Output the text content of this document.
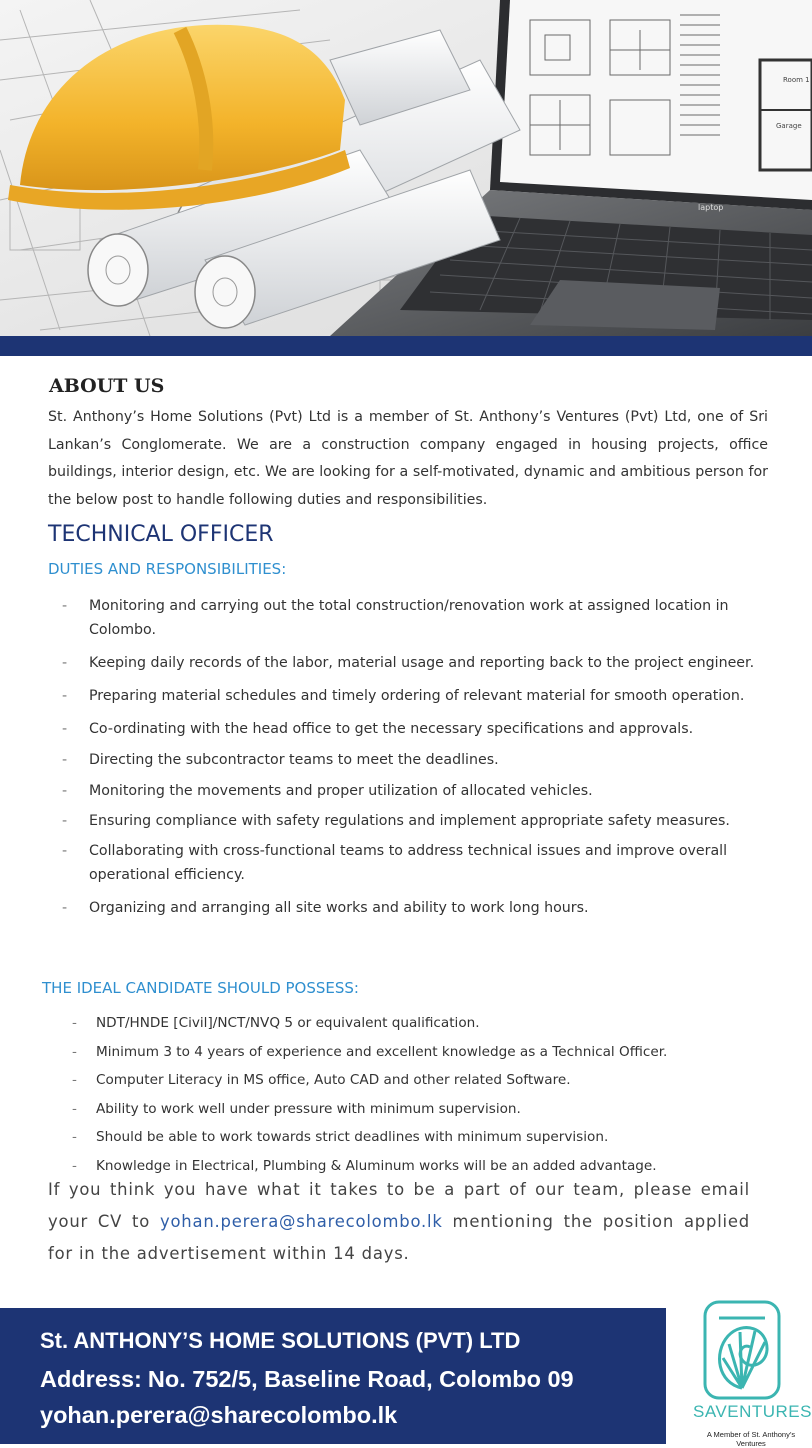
Room 1
Garage
laptop
ABOUT US

St. Anthony’s Home Solutions (Pvt) Ltd is a member of St. Anthony’s Ventures (Pvt) Ltd, one of Sri Lankan’s Conglomerate. We are a construction company engaged in housing projects, office buildings, interior design, etc. We are looking for a self-motivated, dynamic and ambitious person for the below post to handle following duties and responsibilities.

TECHNICAL OFFICER
DUTIES AND RESPONSIBILITIES:
- Monitoring and carrying out the total construction/renovation work at assigned location in Colombo.
- Keeping daily records of the labor, material usage and reporting back to the project engineer.
- Preparing material schedules and timely ordering of relevant material for smooth operation.
- Co-ordinating with the head office to get the necessary specifications and approvals.
- Directing the subcontractor teams to meet the deadlines.
- Monitoring the movements and proper utilization of allocated vehicles.
- Ensuring compliance with safety regulations and implement appropriate safety measures.
- Collaborating with cross-functional teams to address technical issues and improve overall operational efficiency.
- Organizing and arranging all site works and ability to work long hours.
THE IDEAL CANDIDATE SHOULD POSSESS:
- NDT/HNDE [Civil]/NCT/NVQ 5 or equivalent qualification.
- Minimum 3 to 4 years of experience and excellent knowledge as a Technical Officer.
- Computer Literacy in MS office, Auto CAD and other related Software.
- Ability to work well under pressure with minimum supervision.
- Should be able to work towards strict deadlines with minimum supervision.
- Knowledge in Electrical, Plumbing & Aluminum works will be an added advantage.

If you think you have what it takes to be a part of our team, please email your CV to yohan.perera@sharecolombo.lk mentioning the position applied for in the advertisement within 14 days.

St. ANTHONY’S HOME SOLUTIONS (PVT) LTD

Address: No. 752/5, Baseline Road, Colombo 09

yohan.perera@sharecolombo.lk	SAVENTURES

A Member of St. Anthony’s Ventures
